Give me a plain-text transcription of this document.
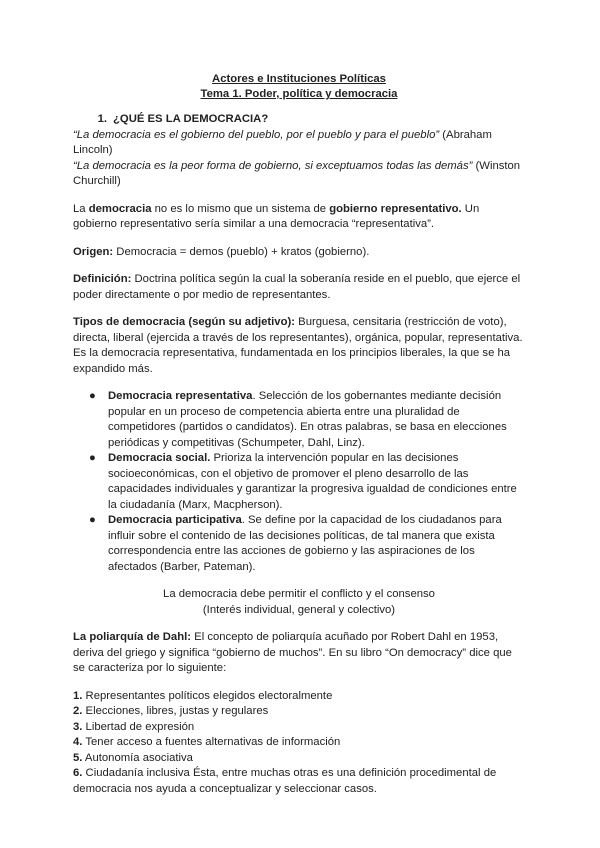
Actores e Instituciones Políticas

Tema 1. Poder, política y democracia

1. ¿QUÉ ES LA DEMOCRACIA?

“La democracia es el gobierno del pueblo, por el pueblo y para el pueblo” (Abraham Lincoln)

“La democracia es la peor forma de gobierno, si exceptuamos todas las demás” (Winston Churchill)

La democracia no es lo mismo que un sistema de gobierno representativo. Un gobierno representativo sería similar a una democracia “representativa”.

Origen: Democracia = demos (pueblo) + kratos (gobierno).

Definición: Doctrina política según la cual la soberanía reside en el pueblo, que ejerce el poder directamente o por medio de representantes.

Tipos de democracia (según su adjetivo): Burguesa, censitaria (restricción de voto), directa, liberal (ejercida a través de los representantes), orgánica, popular, representativa. Es la democracia representativa, fundamentada en los principios liberales, la que se ha expandido más.

● Democracia representativa. Selección de los gobernantes mediante decisión popular en un proceso de competencia abierta entre una pluralidad de competidores (partidos o candidatos). En otras palabras, se basa en elecciones periódicas y competitivas (Schumpeter, Dahl, Linz).
● Democracia social. Prioriza la intervención popular en las decisiones socioeconómicas, con el objetivo de promover el pleno desarrollo de las capacidades individuales y garantizar la progresiva igualdad de condiciones entre la ciudadanía (Marx, Macpherson).
● Democracia participativa. Se define por la capacidad de los ciudadanos para influir sobre el contenido de las decisiones políticas, de tal manera que exista correspondencia entre las acciones de gobierno y las aspiraciones de los afectados (Barber, Pateman).

La democracia debe permitir el conflicto y el consenso

(Interés individual, general y colectivo)

La poliarquía de Dahl: El concepto de poliarquía acuñado por Robert Dahl en 1953, deriva del griego y significa “gobierno de muchos”. En su libro “On democracy” dice que se caracteriza por lo siguiente:

1. Representantes políticos elegidos electoralmente

2. Elecciones, libres, justas y regulares

3. Libertad de expresión

4. Tener acceso a fuentes alternativas de información

5. Autonomía asociativa

6. Ciudadanía inclusiva Ésta, entre muchas otras es una definición procedimental de democracia nos ayuda a conceptualizar y seleccionar casos.
